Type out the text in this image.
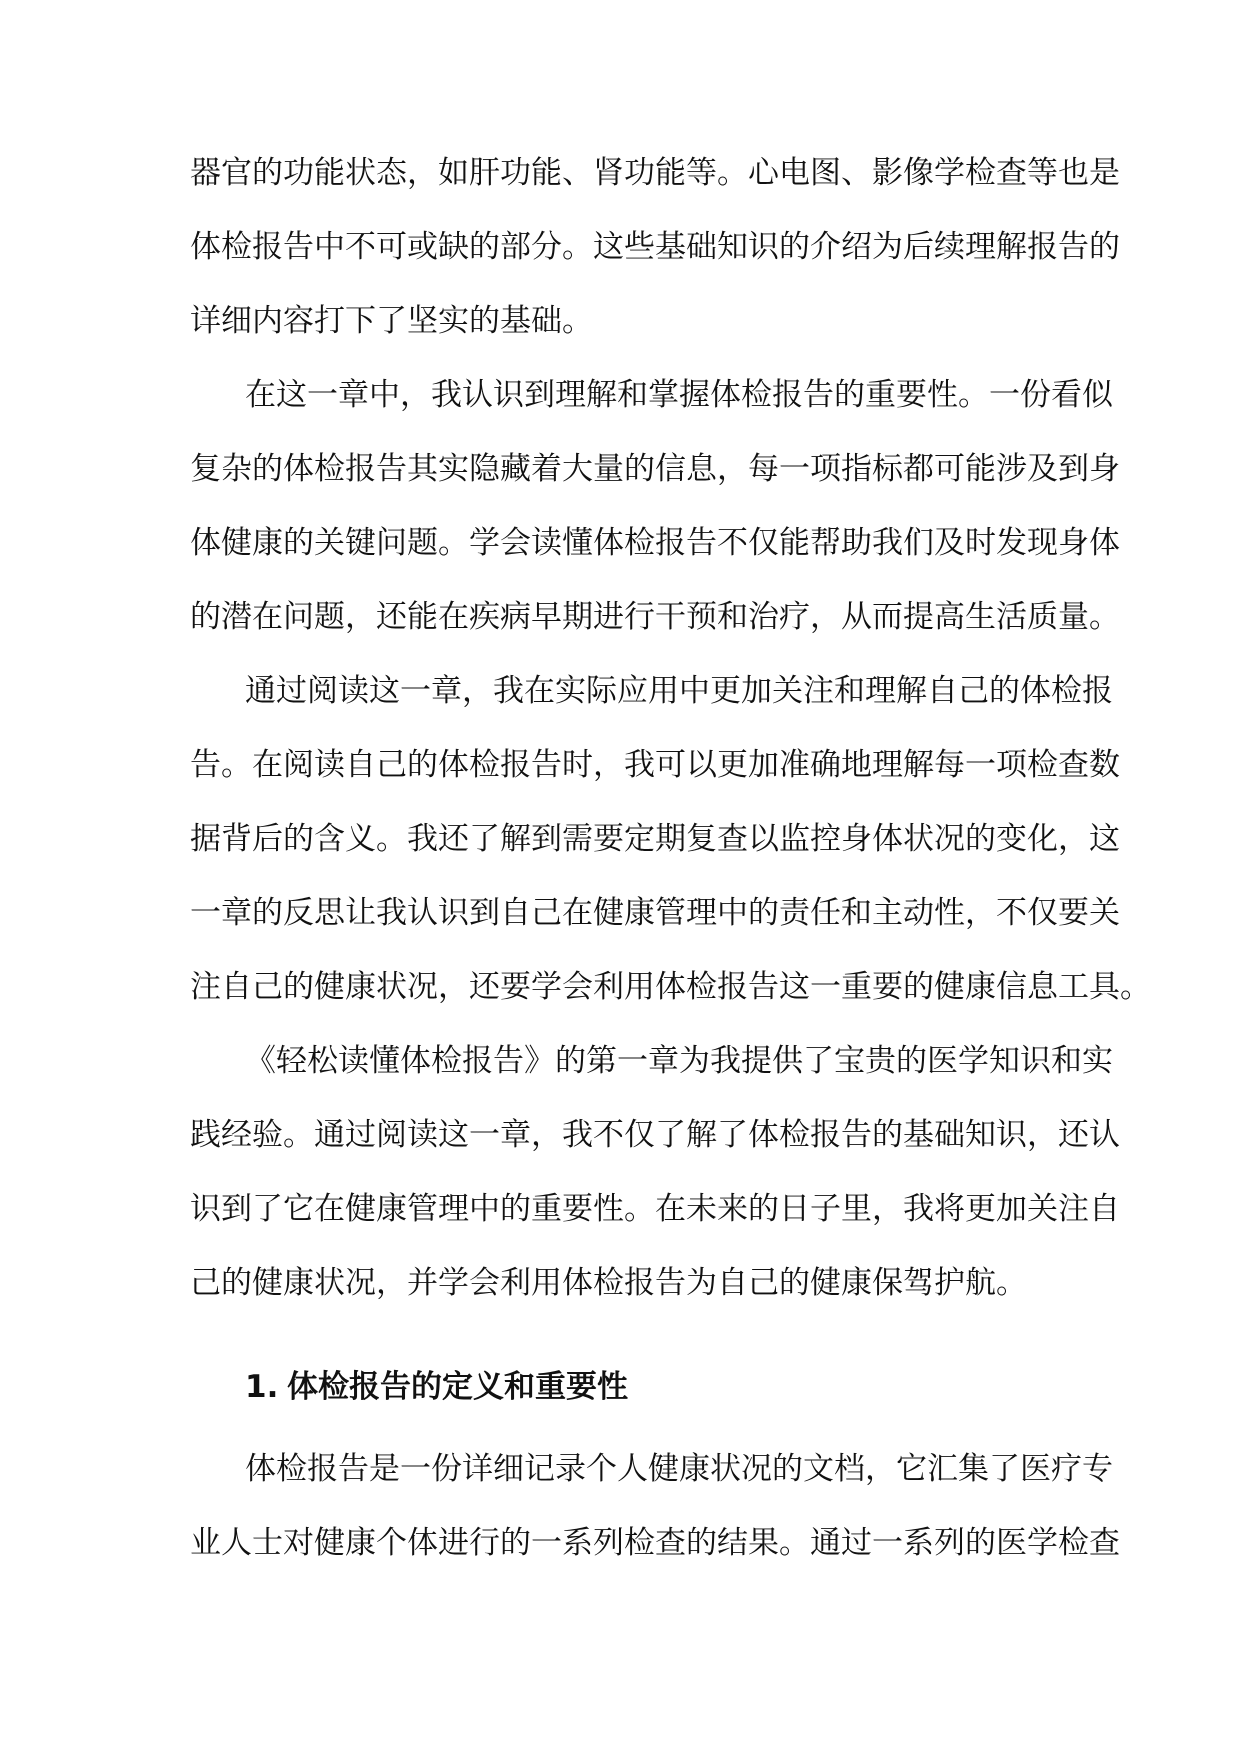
器官的功能状态，如肝功能、肾功能等。心电图、影像学检查等也是
体检报告中不可或缺的部分。这些基础知识的介绍为后续理解报告的
详细内容打下了坚实的基础。
在这一章中，我认识到理解和掌握体检报告的重要性。一份看似
复杂的体检报告其实隐藏着大量的信息，每一项指标都可能涉及到身
体健康的关键问题。学会读懂体检报告不仅能帮助我们及时发现身体
的潜在问题，还能在疾病早期进行干预和治疗，从而提高生活质量。
通过阅读这一章，我在实际应用中更加关注和理解自己的体检报
告。在阅读自己的体检报告时，我可以更加准确地理解每一项检查数
据背后的含义。我还了解到需要定期复查以监控身体状况的变化，这
一章的反思让我认识到自己在健康管理中的责任和主动性，不仅要关
注自己的健康状况，还要学会利用体检报告这一重要的健康信息工具。
《轻松读懂体检报告》的第一章为我提供了宝贵的医学知识和实
践经验。通过阅读这一章，我不仅了解了体检报告的基础知识，还认
识到了它在健康管理中的重要性。在未来的日子里，我将更加关注自
己的健康状况，并学会利用体检报告为自己的健康保驾护航。
1. 体检报告的定义和重要性
体检报告是一份详细记录个人健康状况的文档，它汇集了医疗专
业人士对健康个体进行的一系列检查的结果。通过一系列的医学检查
